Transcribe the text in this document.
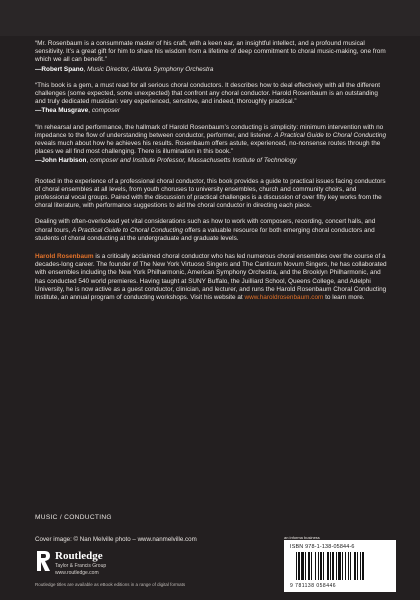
“Mr. Rosenbaum is a consummate master of his craft, with a keen ear, an insightful intellect, and a profound musical sensitivity. It’s a great gift for him to share his wisdom from a lifetime of deep commitment to choral music-making, one from which we all can benefit.”

—Robert Spano, Music Director, Atlanta Symphony Orchestra

“This book is a gem, a must read for all serious choral conductors. It describes how to deal effectively with all the different challenges (some expected, some unexpected) that confront any choral conductor. Harold Rosenbaum is an outstanding and truly dedicated musician: very experienced, sensitive, and indeed, thoroughly practical.”

—Thea Musgrave, composer

“In rehearsal and performance, the hallmark of Harold Rosenbaum’s conducting is simplicity: minimum intervention with no impedance to the flow of understanding between conductor, performer, and listener. A Practical Guide to Choral Conducting reveals much about how he achieves his results. Rosenbaum offers astute, experienced, no-nonsense routes through the places we all find most challenging. There is illumination in this book.”

—John Harbison, composer and Institute Professor, Massachusetts Institute of Technology

Rooted in the experience of a professional choral conductor, this book provides a guide to practical issues facing conductors of choral ensembles at all levels, from youth choruses to university ensembles, church and community choirs, and professional vocal groups. Paired with the discussion of practical challenges is a discussion of over fifty key works from the choral literature, with performance suggestions to aid the choral conductor in directing each piece.

Dealing with often-overlooked yet vital considerations such as how to work with composers, recording, concert halls, and choral tours, A Practical Guide to Choral Conducting offers a valuable resource for both emerging choral conductors and students of choral conducting at the undergraduate and graduate levels.

Harold Rosenbaum is a critically acclaimed choral conductor who has led numerous choral ensembles over the course of a decades-long career. The founder of The New York Virtuoso Singers and The Canticum Novum Singers, he has collaborated with ensembles including the New York Philharmonic, American Symphony Orchestra, and the Brooklyn Philharmonic, and has conducted 540 world premieres. Having taught at SUNY Buffalo, the Juilliard School, Queens College, and Adelphi University, he is now active as a guest conductor, clinician, and lecturer, and runs the Harold Rosenbaum Choral Conducting Institute, an annual program of conducting workshops. Visit his website at www.haroldrosenbaum.com to learn more.

MUSIC / CONDUCTING
Cover image: © Nan Melville photo – www.nanmelville.com
Routledge
Taylor & Francis Group
www.routledge.com
Routledge titles are available as eBook editions in a range of digital formats
an informa business
ISBN 978-1-138-05844-6
9 781138 058446
